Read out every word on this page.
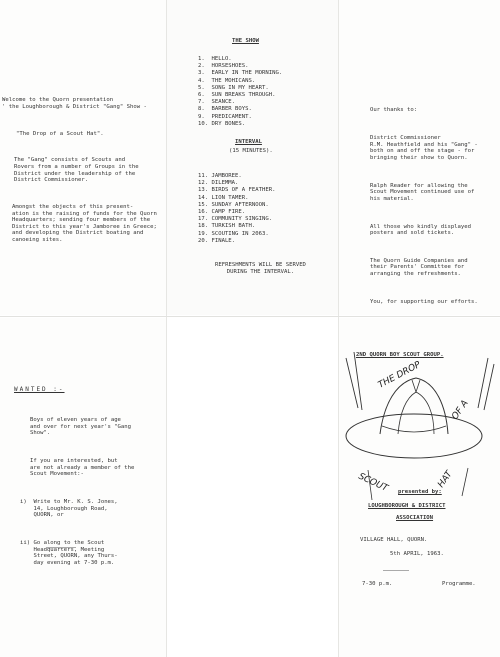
Welcome to the Quorn presentation
' the Loughborough & District "Gang" Show -

"The Drop of a Scout Hat".

The "Gang" consists of Scouts and
Rovers from a number of Groups in the
District under the leadership of the
District Commissioner.

Amongst the objects of this present-
ation is the raising of funds for the Quorn
Headquarters; sending four members of the
District to this year's Jamboree in Greece;
and developing the District boating and
canoeing sites.

THE SHOW
1.  HELLO.
2.  HORSESHOES.
3.  EARLY IN THE MORNING.
4.  THE MOHICANS.
5.  SONG IN MY HEART.
6.  SUN BREAKS THROUGH.
7.  SEANCE.
8.  BARBER BOYS.
9.  PREDICAMENT.
10. DRY BONES.
INTERVAL
(15 MINUTES).
11. JAMBOREE.
12. DILEMMA.
13. BIRDS OF A FEATHER.
14. LION TAMER.
15. SUNDAY AFTERNOON.
16. CAMP FIRE.
17. COMMUNITY SINGING.
18. TURKISH BATH.
19. SCOUTING IN 2063.
20. FINALE.
REFRESHMENTS WILL BE SERVED
DURING THE INTERVAL.

Our thanks to:

District Commissioner
R.M. Heathfield and his "Gang" -
both on and off the stage - for
bringing their show to Quorn.

Ralph Reader for allowing the
Scout Movement continued use of
his material.

All those who kindly displayed
posters and sold tickets.

The Quorn Guide Companies and
their Parents' Committee for
arranging the refreshments.

You, for supporting our efforts.

WANTED :-

Boys of eleven years of age
and over for next year's "Gang
Show".

If you are interested, but
are not already a member of the
Scout Movement:-

i)  Write to Mr. K. S. Jones,
14, Loughborough Road,
QUORN, or

ii) Go along to the Scout
Headquarters, Meeting
Street, QUORN, any Thurs-
day evening at 7-30 p.m.

THE DROP
OF A
SCOUT	HAT
2ND QUORN BOY SCOUT GROUP.
presented by:
LOUGHBOROUGH & DISTRICT
ASSOCIATION
VILLAGE HALL, QUORN.
5th APRIL, 1963.
7-30 p.m.	Programme.
